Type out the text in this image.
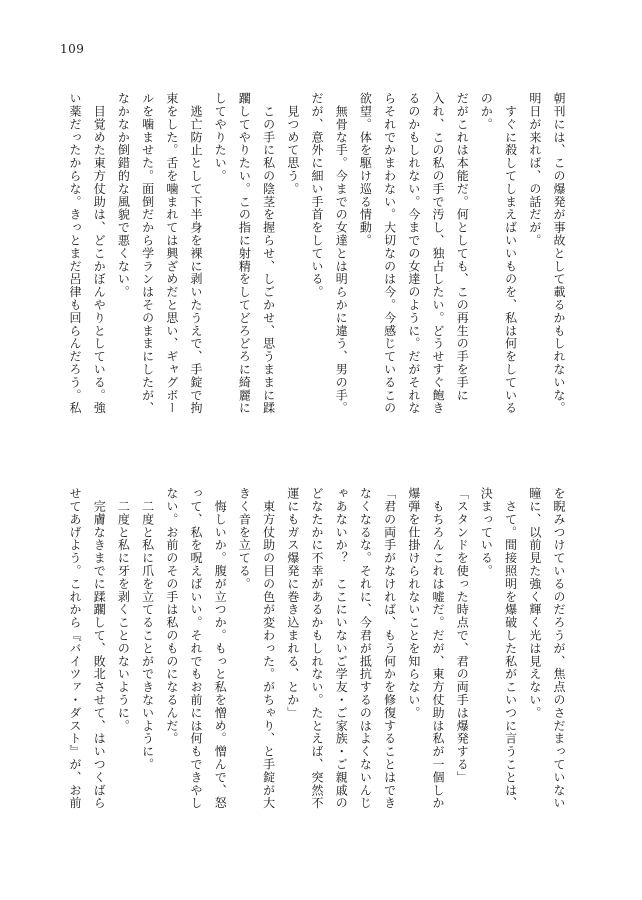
109
朝刊には、この爆発が事故として載るかもしれないな。
明日が来れば、の話だが。
　すぐに殺してしまえばいいものを、私は何をしている
のか。
だがこれは本能だ。何としても、この再生の手を手に
入れ、この私の手で汚し、独占したい。どうせすぐ飽き
るのかもしれない。今までの女達のように。だがそれな
らそれでかまわない。大切なのは今。今感じているこの
欲望。体を駆け巡る情動。
　無骨な手。今までの女達とは明らかに違う、男の手。
だが、意外に細い手首をしている。
　見つめて思う。
　この手に私の陰茎を握らせ、しごかせ、思うままに蹂
躙してやりたい。この指に射精をしてどろどろに綺麗に
してやりたい。
　逃亡防止として下半身を裸に剥いたうえで、手錠で拘
束をした。舌を噛まれては興ざめだと思い、ギャグボー
ルを噛ませた。面倒だから学ランはそのままにしたが、
なかなか倒錯的な風貌で悪くない。
　目覚めた東方仗助は、どこかぼんやりとしている。強
い薬だったからな。きっとまだ呂律も回らんだろう。私
を睨みつけているのだろうが、焦点のさだまっていない
瞳に、以前見た強く輝く光は見えない。
　さて。間接照明を爆破した私がこいつに言うことは、
決まっている。
「スタンドを使った時点で、君の両手は爆発する」
　もちろんこれは嘘だ。だが、東方仗助は私が一個しか
爆弾を仕掛けられないことを知らない。
「君の両手がなければ、もう何かを修復することはでき
なくなるな。それに、今君が抵抗するのはよくないんじ
ゃあないか？　ここにいないご学友・ご家族・ご親戚の
どなたかに不幸があるかもしれない。たとえば、突然不
運にもガス爆発に巻き込まれる、とか」
　東方仗助の目の色が変わった。がちゃり、と手錠が大
きく音を立てる。
　悔しいか。腹が立つか。もっと私を憎め。憎んで、怒
って、私を呪えばいい。それでもお前には何もできやし
ない。お前のその手は私のものになるんだ。
　二度と私に爪を立てることができないように。
　二度と私に牙を剥くことのないように。
　完膚なきまでに蹂躙して、敗北させて、はいつくばら
せてあげよう。これから『バイツァ・ダスト』が、お前
